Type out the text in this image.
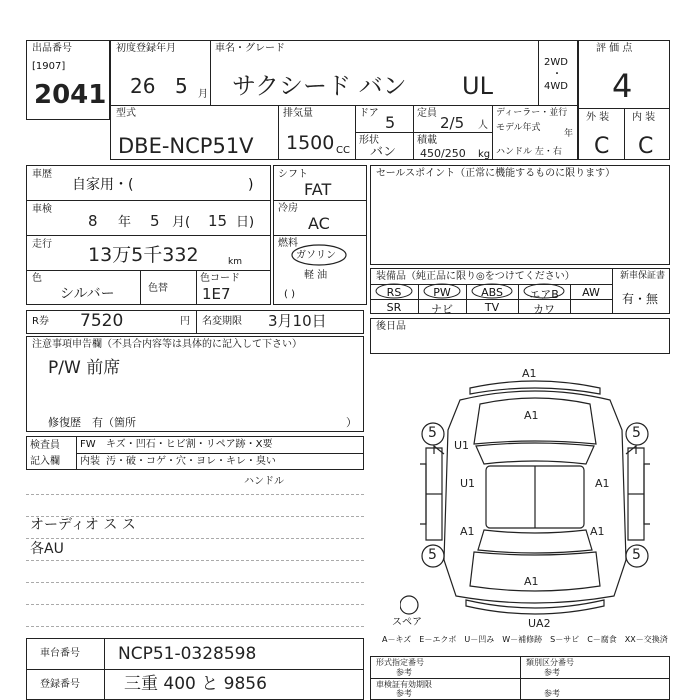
出品番号
[1907]
2041
初度登録年月
26 5 月
車名・グレード
サクシード バン UL
2WD
・
4WD
評 価 点
4
外 装 内 装
C C
型式
DBE-NCP51V
排気量
1500 CC
ドア 5 定員
2/5 人
形状
バン
積載
450/250 kg
ディーラー・並行
モデル年式
年
ハンドル 左・右
車歴
自家用・(	)
車検
8 年 5 月( 15 日)
走行 13万5千332	km
色
シルバー	色替
色コード
1E7
R券 7520	円 名変期限 3月10日
シフト
FAT
冷房
AC
燃料
ガソリン
軽 油
( )
セールスポイント（正常に機能するものに限ります）
装備品（純正品に限り◎をつけてください）	新車保証書
有・無
RS	PW	ABS	エアB	AW
SR	ナビ	TV	カワ
後日品
注意事項申告欄（不具合内容等は具体的に記入して下さい）
P/W 前席
修復歴　有（箇所	）
検査員
記入欄
FW キズ・凹石・ヒビ割・リペア跡・X要
内装 汚・破・コゲ・穴・ヨレ・キレ・臭い
ハンドル
オーディオ ス ス
各AU
A1
A1
U1	A1
U1
A1	A1
A1
UA2
5	5
5	5
スペア
A－キズ　E－エクボ　U－凹み　W－補修跡　S－サビ　C－腐食　XX－交換済
車台番号 NCP51-0328598
登録番号	三重 400 と 9856
形式指定番号
参考
類別区分番号
参考
車検証有効期限
参考	参考
